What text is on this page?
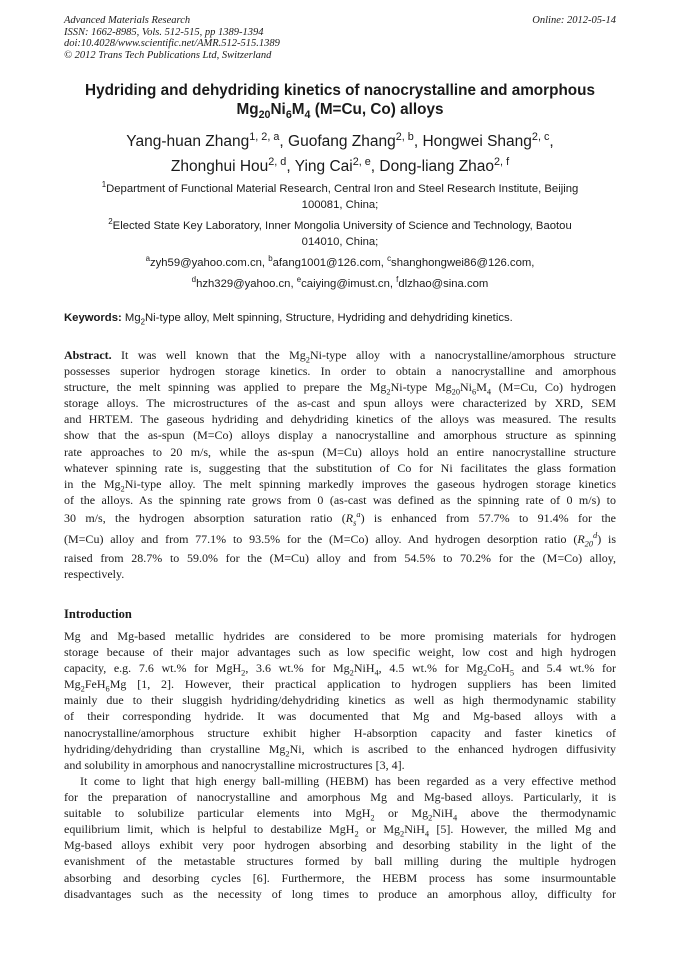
Advanced Materials Research
ISSN: 1662-8985, Vols. 512-515, pp 1389-1394
doi:10.4028/www.scientific.net/AMR.512-515.1389
© 2012 Trans Tech Publications Ltd, Switzerland
Online: 2012-05-14
Hydriding and dehydriding kinetics of nanocrystalline and amorphous
$Mg_{20}Ni_6M_4$ (M=Cu, Co) alloys
Yang-huan Zhang$^{1, 2, a}$, Guofang Zhang$^{2, b}$, Hongwei Shang$^{2, c}$,
Zhonghui Hou$^{2, d}$, Ying Cai$^{2, e}$, Dong-liang Zhao$^{2, f}$
$^1$Department of Functional Material Research, Central Iron and Steel Research Institute, Beijing
100081, China;
$^2$Elected State Key Laboratory, Inner Mongolia University of Science and Technology, Baotou
014010, China;
$^a$zyh59@yahoo.com.cn, $^b$afang1001@126.com, $^c$shanghongwei86@126.com,
$^d$hzh329@yahoo.cn, $^e$caiying@imust.cn, $^f$dlzhao@sina.com
Keywords: $Mg_2Ni$-type alloy, Melt spinning, Structure, Hydriding and dehydriding kinetics.
Abstract. It was well known that the $Mg_2Ni$-type alloy with a nanocrystalline/amorphous structure
possesses superior hydrogen storage kinetics. In order to obtain a nanocrystalline and amorphous
structure, the melt spinning was applied to prepare the $Mg_2Ni$-type $Mg_{20}Ni_6M_4$ (M=Cu, Co) hydrogen
storage alloys. The microstructures of the as-cast and spun alloys were characterized by XRD, SEM
and HRTEM. The gaseous hydriding and dehydriding kinetics of the alloys was measured. The results
show that the as-spun (M=Co) alloys display a nanocrystalline and amorphous structure as spinning
rate approaches to 20 m/s, while the as-spun (M=Cu) alloys hold an entire nanocrystalline structure
whatever spinning rate is, suggesting that the substitution of Co for Ni facilitates the glass formation
in the $Mg_2Ni$-type alloy. The melt spinning markedly improves the gaseous hydrogen storage kinetics
of the alloys. As the spinning rate grows from 0 (as-cast was defined as the spinning rate of 0 m/s) to
30 m/s, the hydrogen absorption saturation ratio $(R_s^a)$ is enhanced from 57.7% to 91.4% for the
(M=Cu) alloy and from 77.1% to 93.5% for the (M=Co) alloy. And hydrogen desorption ratio $(R_{20}^d)$ is
raised from 28.7% to 59.0% for the (M=Cu) alloy and from 54.5% to 70.2% for the (M=Co) alloy,
respectively.
Introduction
Mg and Mg-based metallic hydrides are considered to be more promising materials for hydrogen
storage because of their major advantages such as low specific weight, low cost and high hydrogen
capacity, e.g. 7.6 wt.% for MgH$_2$, 3.6 wt.% for $Mg_2NiH_4$, 4.5 wt.% for $Mg_2CoH_5$ and 5.4 wt.% for
$Mg_2FeH_6Mg$ [1, 2]. However, their practical application to hydrogen suppliers has been limited
mainly due to their sluggish hydriding/dehydriding kinetics as well as high thermodynamic stability
of their corresponding hydride. It was documented that Mg and Mg-based alloys with a
nanocrystalline/amorphous structure exhibit higher H-absorption capacity and faster kinetics of
hydriding/dehydriding than crystalline $Mg_2Ni$, which is ascribed to the enhanced hydrogen diffusivity
and solubility in amorphous and nanocrystalline microstructures [3, 4].
It come to light that high energy ball-milling (HEBM) has been regarded as a very effective method
for the preparation of nanocrystalline and amorphous Mg and Mg-based alloys. Particularly, it is
suitable to solubilize particular elements into MgH$_2$ or $Mg_2NiH_4$ above the thermodynamic
equilibrium limit, which is helpful to destabilize MgH$_2$ or $Mg_2NiH_4$ [5]. However, the milled Mg and
Mg-based alloys exhibit very poor hydrogen absorbing and desorbing stability in the light of the
evanishment of the metastable structures formed by ball milling during the multiple hydrogen
absorbing and desorbing cycles [6]. Furthermore, the HEBM process has some insurmountable
disadvantages such as the necessity of long times to produce an amorphous alloy, difficulty for
